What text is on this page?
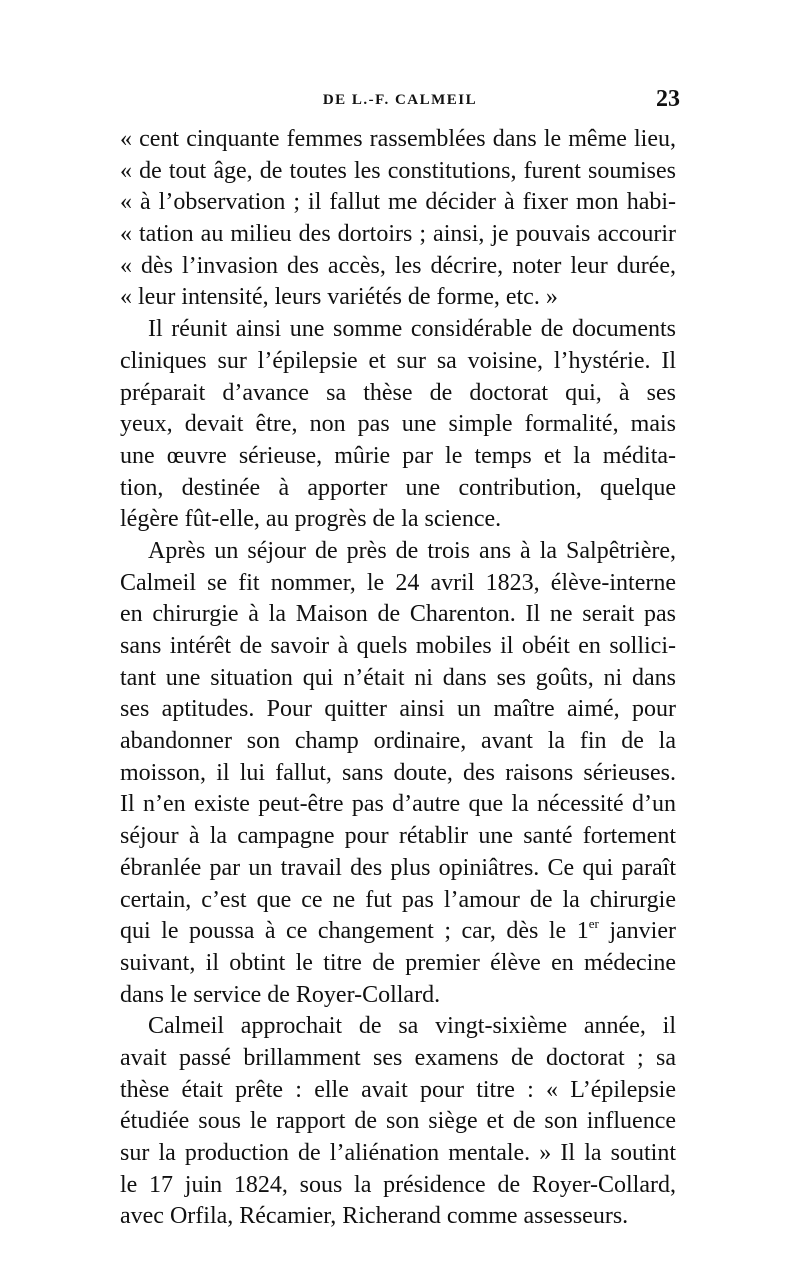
DE L.-F. CALMEIL	23
« cent cinquante femmes rassemblées dans le même lieu,
« de tout âge, de toutes les constitutions, furent soumises
« à l’observation ; il fallut me décider à fixer mon habi-
« tation au milieu des dortoirs ; ainsi, je pouvais accourir
« dès l’invasion des accès, les décrire, noter leur durée,
« leur intensité, leurs variétés de forme, etc. »
Il réunit ainsi une somme considérable de documents
cliniques sur l’épilepsie et sur sa voisine, l’hystérie. Il
préparait d’avance sa thèse de doctorat qui, à ses
yeux, devait être, non pas une simple formalité, mais
une œuvre sérieuse, mûrie par le temps et la médita-
tion, destinée à apporter une contribution, quelque
légère fût-elle, au progrès de la science.
Après un séjour de près de trois ans à la Salpêtrière,
Calmeil se fit nommer, le 24 avril 1823, élève-interne
en chirurgie à la Maison de Charenton. Il ne serait pas
sans intérêt de savoir à quels mobiles il obéit en sollici-
tant une situation qui n’était ni dans ses goûts, ni dans
ses aptitudes. Pour quitter ainsi un maître aimé, pour
abandonner son champ ordinaire, avant la fin de la
moisson, il lui fallut, sans doute, des raisons sérieuses.
Il n’en existe peut-être pas d’autre que la nécessité d’un
séjour à la campagne pour rétablir une santé fortement
ébranlée par un travail des plus opiniâtres. Ce qui paraît
certain, c’est que ce ne fut pas l’amour de la chirurgie
qui le poussa à ce changement ; car, dès le 1er janvier
suivant, il obtint le titre de premier élève en médecine
dans le service de Royer-Collard.
Calmeil approchait de sa vingt-sixième année, il
avait passé brillamment ses examens de doctorat ; sa
thèse était prête : elle avait pour titre : « L’épilepsie
étudiée sous le rapport de son siège et de son influence
sur la production de l’aliénation mentale. » Il la soutint
le 17 juin 1824, sous la présidence de Royer-Collard,
avec Orfila, Récamier, Richerand comme assesseurs.
